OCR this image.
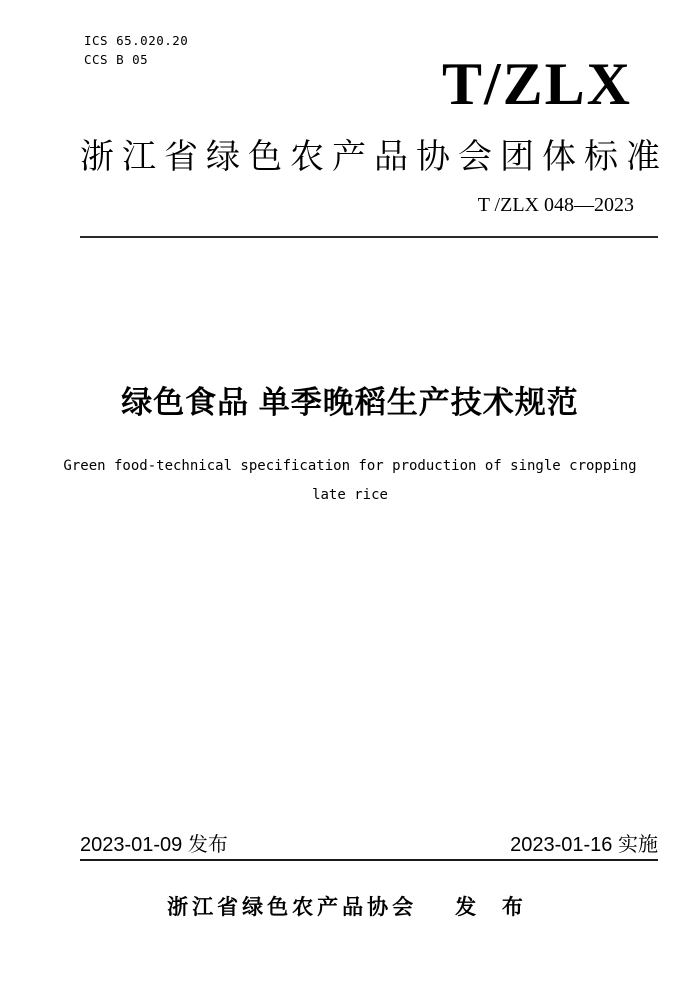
ICS 65.020.20
CCS B 05	T/ZLX
浙江省绿色农产品协会团体标准
T /ZLX 048—2023
绿色食品 单季晚稻生产技术规范
Green food-technical specification for production of single cropping
late rice
2023-01-09 发布	2023-01-16 实施
浙江省绿色农产品协会 发 布
